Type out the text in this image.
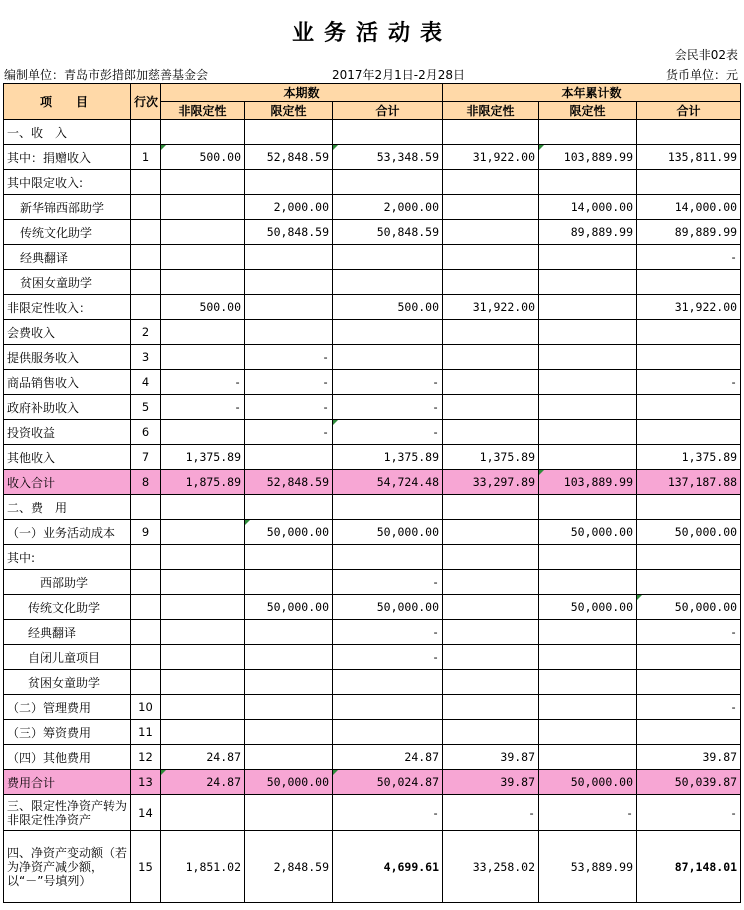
业务活动表
会民非02表
编制单位：青岛市彭措郎加慈善基金会	2017年2月1日-2月28日	货币单位：元
项　目	行次	本期数			本年累计数		
		非限定性	限定性	合计	非限定性	限定性	合计
一、收　入							
其中：捐赠收入	1	500.00	52,848.59	53,348.59	31,922.00	103,889.99	135,811.99
其中限定收入:							
新华锦西部助学			2,000.00	2,000.00		14,000.00	14,000.00
传统文化助学			50,848.59	50,848.59		89,889.99	89,889.99
经典翻译							-
贫困女童助学							
非限定性收入：		500.00		500.00	31,922.00		31,922.00
会费收入	2						
提供服务收入	3		-				
商品销售收入	4	-	-	-			-
政府补助收入	5	-	-	-			
投资收益	6		-	-			
其他收入	7	1,375.89		1,375.89	1,375.89		1,375.89
收入合计	8	1,875.89	52,848.59	54,724.48	33,297.89	103,889.99	137,187.88
二、费　用							
（一）业务活动成本	9		50,000.00	50,000.00		50,000.00	50,000.00
其中:							
西部助学				-			
传统文化助学			50,000.00	50,000.00		50,000.00	50,000.00
经典翻译				-			-
自闭儿童项目				-			
贫困女童助学							
（二）管理费用	10						-
（三）筹资费用	11						
（四）其他费用	12	24.87		24.87	39.87		39.87
费用合计	13	24.87	50,000.00	50,024.87	39.87	50,000.00	50,039.87
三、限定性净资产转为非限定性净资产	14			-	-	-	-
四、净资产变动额（若为净资产减少额，以“－”号填列）	15	1,851.02	2,848.59	4,699.61	33,258.02	53,889.99	87,148.01
